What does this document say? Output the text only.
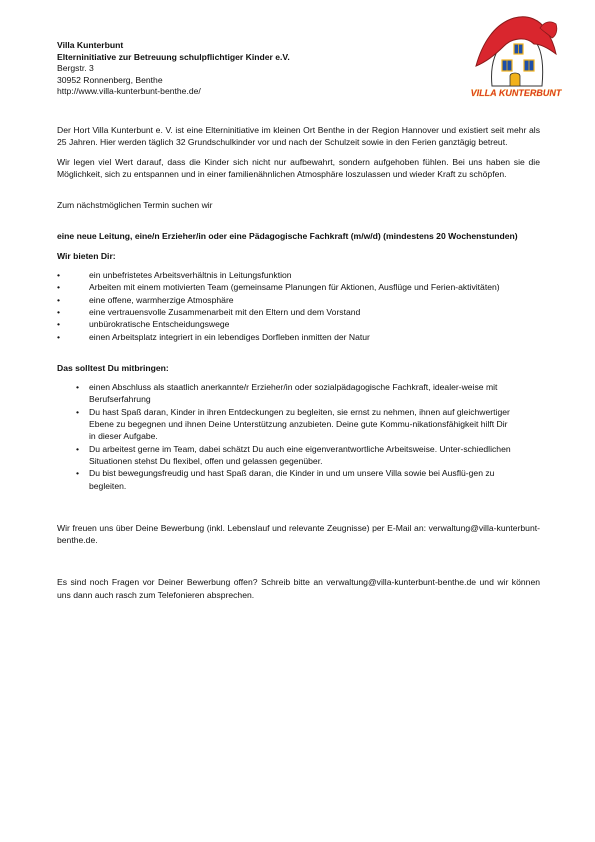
Villa Kunterbunt
Elterninitiative zur Betreuung schulpflichtiger Kinder e.V.
Bergstr. 3
30952 Ronnenberg, Benthe
http://www.villa-kunterbunt-benthe.de/	VILLA KUNTERBUNT

Der Hort Villa Kunterbunt e. V. ist eine Elterninitiative im kleinen Ort Benthe in der Region Hannover und existiert seit mehr als 25 Jahren. Hier werden täglich 32 Grundschulkinder vor und nach der Schulzeit sowie in den Ferien ganztägig betreut.

Wir legen viel Wert darauf, dass die Kinder sich nicht nur aufbewahrt, sondern aufgehoben fühlen. Bei uns haben sie die Möglichkeit, sich zu entspannen und in einer familienähnlichen Atmosphäre loszulassen und wieder Kraft zu schöpfen.

Zum nächstmöglichen Termin suchen wir

eine neue Leitung, eine/n Erzieher/in oder eine Pädagogische Fachkraft (m/w/d) (mindestens 20 Wochenstunden)

Wir bieten Dir:

•	ein unbefristetes Arbeitsverhältnis in Leitungsfunktion
•	Arbeiten mit einem motivierten Team (gemeinsame Planungen für Aktionen, Ausflüge und Ferien-aktivitäten)
•	eine offene, warmherzige Atmosphäre
•	eine vertrauensvolle Zusammenarbeit mit den Eltern und dem Vorstand
•	unbürokratische Entscheidungswege
•	einen Arbeitsplatz integriert in ein lebendiges Dorfleben inmitten der Natur

Das solltest Du mitbringen:

• einen Abschluss als staatlich anerkannte/r Erzieher/in oder sozialpädagogische Fachkraft, idealer-weise mit Berufserfahrung
• Du hast Spaß daran, Kinder in ihren Entdeckungen zu begleiten, sie ernst zu nehmen, ihnen auf gleichwertiger Ebene zu begegnen und ihnen Deine Unterstützung anzubieten. Deine gute Kommu-nikationsfähigkeit hilft Dir in dieser Aufgabe.
• Du arbeitest gerne im Team, dabei schätzt Du auch eine eigenverantwortliche Arbeitsweise. Unter-schiedlichen Situationen stehst Du flexibel, offen und gelassen gegenüber.
• Du bist bewegungsfreudig und hast Spaß daran, die Kinder in und um unsere Villa sowie bei Ausflü-gen zu begleiten.

Wir freuen uns über Deine Bewerbung (inkl. Lebenslauf und relevante Zeugnisse) per E-Mail an: verwaltung@villa-kunterbunt-benthe.de.

Es sind noch Fragen vor Deiner Bewerbung offen? Schreib bitte an verwaltung@villa-kunterbunt-benthe.de und wir können uns dann auch rasch zum Telefonieren absprechen.
